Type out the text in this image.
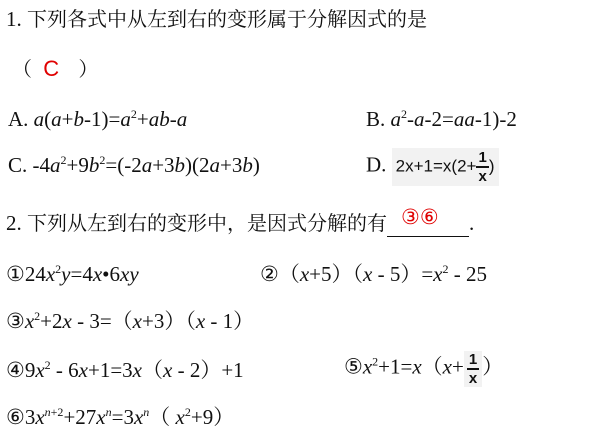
1. 下列各式中从左到右的变形属于分解因式的是
（ C ）
A. $a(a+b-1)=a^2+ab-a$	B. $a^2-a-2=aa-1)-2$
C. $-4a^2+9b^2=(-2a+3b)(2a+3b)$	D. $2x+1=x(2+ \frac{1}{x}$ )
2. 下列从左到右的变形中，是因式分解的有 ③⑥ .
$①24x^2y=4x•6xy$	②（x+5）（x - $5)=x^2 - 25$
$③x^2+2x - 3=(x+3)(x - 1)$
$④9x^2 - 6x+1=3x(x - 2)+1$	$⑤x^2+1=x(x+ \frac{1}{x}$ ）
$⑥3x^{n+2}+27x^n=3x^n$（ $x^2+9$）
